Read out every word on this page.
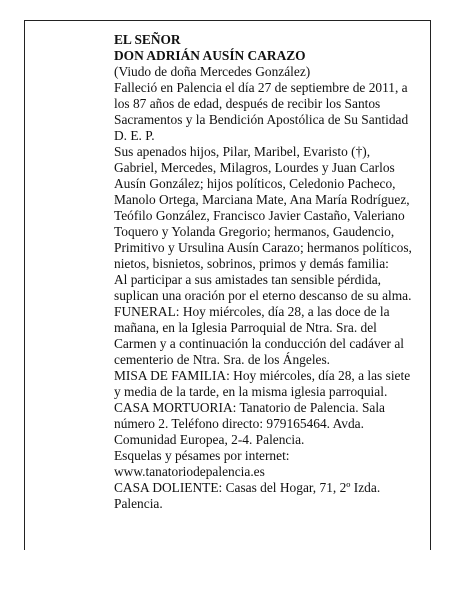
EL SEÑOR
DON ADRIÁN AUSÍN CARAZO
(Viudo de doña Mercedes González)
Falleció en Palencia el día 27 de septiembre de 2011, a
los 87 años de edad, después de recibir los Santos
Sacramentos y la Bendición Apostólica de Su Santidad
D. E. P.
Sus apenados hijos, Pilar, Maribel, Evaristo (†),
Gabriel, Mercedes, Milagros, Lourdes y Juan Carlos
Ausín González; hijos políticos, Celedonio Pacheco,
Manolo Ortega, Marciana Mate, Ana María Rodríguez,
Teófilo González, Francisco Javier Castaño, Valeriano
Toquero y Yolanda Gregorio; hermanos, Gaudencio,
Primitivo y Ursulina Ausín Carazo; hermanos políticos,
nietos, bisnietos, sobrinos, primos y demás familia:
Al participar a sus amistades tan sensible pérdida,
suplican una oración por el eterno descanso de su alma.
FUNERAL: Hoy miércoles, día 28, a las doce de la
mañana, en la Iglesia Parroquial de Ntra. Sra. del
Carmen y a continuación la conducción del cadáver al
cementerio de Ntra. Sra. de los Ángeles.
MISA DE FAMILIA: Hoy miércoles, día 28, a las siete
y media de la tarde, en la misma iglesia parroquial.
CASA MORTUORIA: Tanatorio de Palencia. Sala
número 2. Teléfono directo: 979165464. Avda.
Comunidad Europea, 2-4. Palencia.
Esquelas y pésames por internet:
www.tanatoriodepalencia.es
CASA DOLIENTE: Casas del Hogar, 71, 2º Izda.
Palencia.
